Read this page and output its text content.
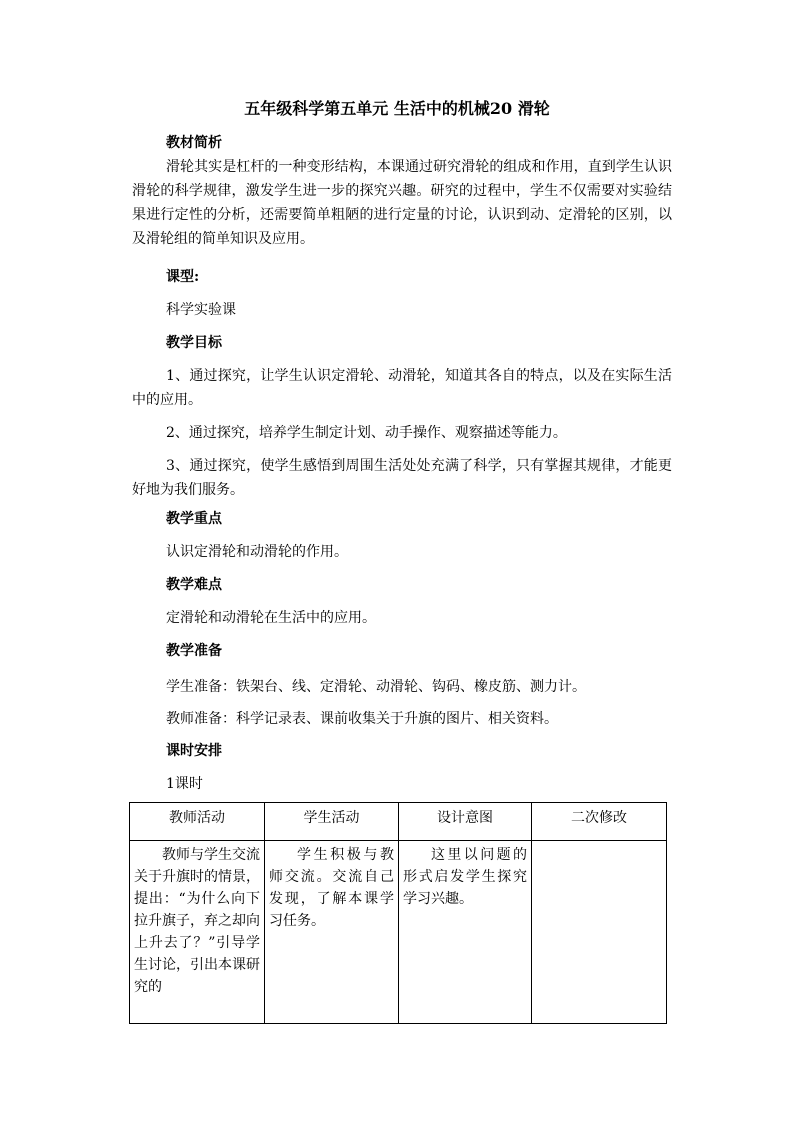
五年级科学第五单元 生活中的机械20 滑轮
教材简析
滑轮其实是杠杆的一种变形结构，本课通过研究滑轮的组成和作用，直到学生认识滑轮的科学规律，激发学生进一步的探究兴趣。研究的过程中，学生不仅需要对实验结果进行定性的分析，还需要简单粗陋的进行定量的讨论，认识到动、定滑轮的区别，以及滑轮组的简单知识及应用。
课型:
科学实验课
教学目标
1、通过探究，让学生认识定滑轮、动滑轮，知道其各自的特点，以及在实际生活中的应用。
2、通过探究，培养学生制定计划、动手操作、观察描述等能力。
3、通过探究，使学生感悟到周围生活处处充满了科学，只有掌握其规律，才能更好地为我们服务。
教学重点
认识定滑轮和动滑轮的作用。
教学难点
定滑轮和动滑轮在生活中的应用。
教学准备
学生准备：铁架台、线、定滑轮、动滑轮、钩码、橡皮筋、测力计。
教师准备：科学记录表、课前收集关于升旗的图片、相关资料。
课时安排
1课时
教师活动	学生活动	设计意图	二次修改
教师与学生交流关于升旗时的情景，提出：“为什么向下拉升旗子，弃之却向上升去了？”引导学生讨论，引出本课研究的	学生积极与教师交流。交流自己发现，了解本课学习任务。	这里以问题的形式启发学生探究学习兴趣。	
